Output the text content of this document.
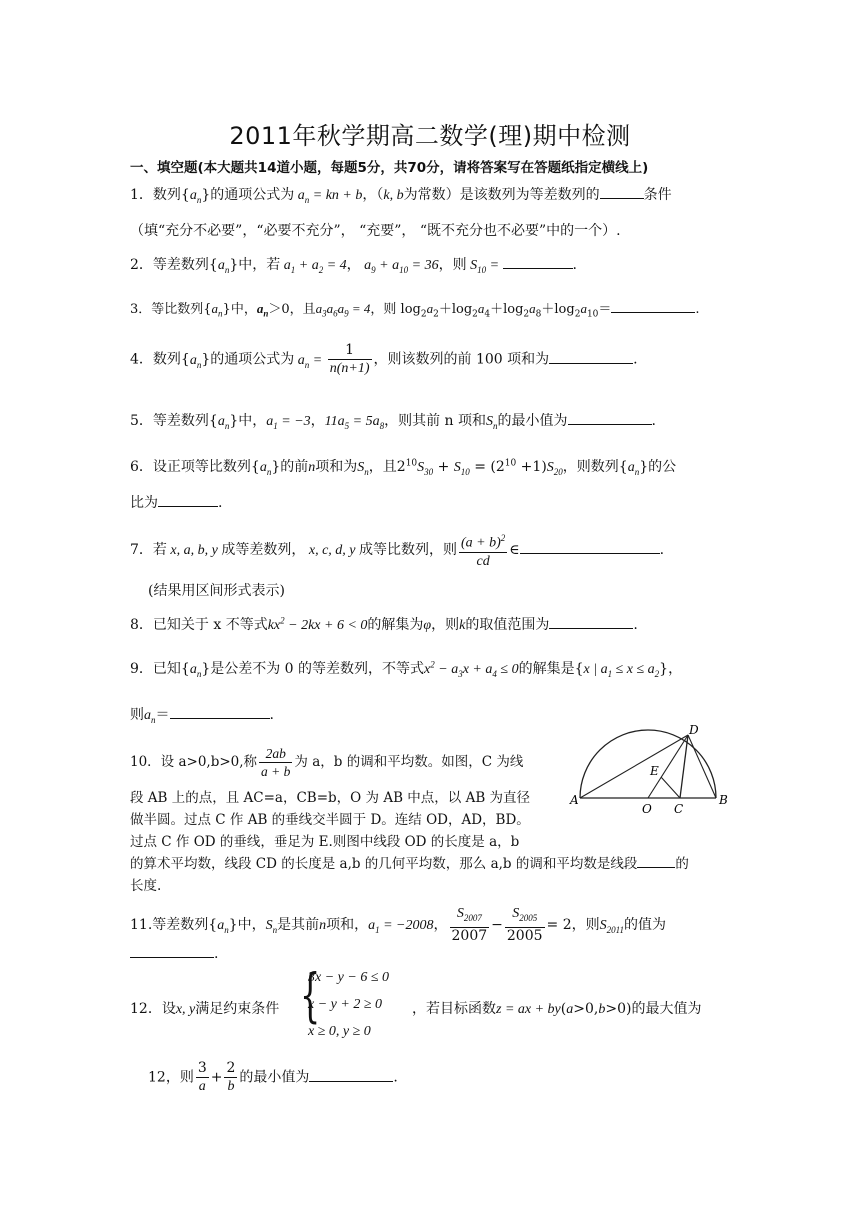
2011年秋学期高二数学(理)期中检测
一、填空题(本大题共14道小题，每题5分，共70分，请将答案写在答题纸指定横线上)
1．数列$\{a_n\}$的通项公式为 $a_n$ = kn + b，（k, b为常数）是该数列为等差数列的	条件
（填“充分不必要”，“必要不充分”， “充要”， “既不充分也不必要”中的一个）.
2．等差数列$\{a_n\}$中，若 $a_1 + a_2 = 4$， $a_9 + a_{10} = 36$，则 $S_{10}$ =	.
3．等比数列$\{a_n\}$中，$a_n>0$，且$a_3a_6a_9 = 4$，则 $\log_2a_2+\log_2a_4+\log_2a_8+\log_2a_{10}=$	.
4．数列$\{a_n\}$的通项公式为 $a_n = \frac{1}{n(n+1)}$ ，则该数列的前 100 项和为	.
5．等差数列$\{a_n\}$中，$a_1 = -3$，$11a_5 = 5a_8$，则其前 n 项和$S_n$的最小值为	.
6．设正项等比数列$\{a_n\}$的前n项和为$S_n$，且$2^{10}S_{30} + S_{10} = (2^{10} +1)S_{20}$，则数列$\{a_n\}$的公
比为	.
7．若 x, a, b, y 成等差数列， x, c, d, y 成等比数列，则 $\frac{(a + b)^2}{cd}$ ∈	.
(结果用区间形式表示)
8．已知关于 x 不等式$kx^2 - 2kx + 6 < 0$的解集为φ，则k的取值范围为	.
9．已知$\{a_n\}$是公差不为 0 的等差数列，不等式$x^2 - a_3x + a_4 \le 0$的解集是{x | $a_1 \le x \le a_2$}，
则$a_n=$	.
10．设 a>0,b>0,称 $\frac{2ab}{a + b}$ 为 a，b 的调和平均数。如图，C 为线
段 AB 上的点，且 AC=a，CB=b，O 为 AB 中点，以 AB 为直径
做半圆。过点 C 作 AB 的垂线交半圆于 D。连结 OD，AD，BD。
过点 C 作 OD 的垂线，垂足为 E.则图中线段 OD 的长度是 a，b
的算术平均数，线段 CD 的长度是 a,b 的几何平均数，那么 a,b 的调和平均数是线段	的
长度.
A
O C
B
D
E
11.等差数列$\{a_n\}$中，$S_n$是其前n项和，$a_1 = -2008$， $\frac{S_{2007}}{2007} - \frac{S_{2005}}{2005} = 2$，则$S_{2011}$的值为
.
12．设x, y满足约束条件 {
3x − y − 6 ≤ 0
x − y + 2 ≥ 0
x ≥ 0, y ≥ 0
，若目标函数z = ax + by(a>0,b>0)的最大值为
12，则 $\frac{3}{a} + \frac{2}{b}$ 的最小值为	.
